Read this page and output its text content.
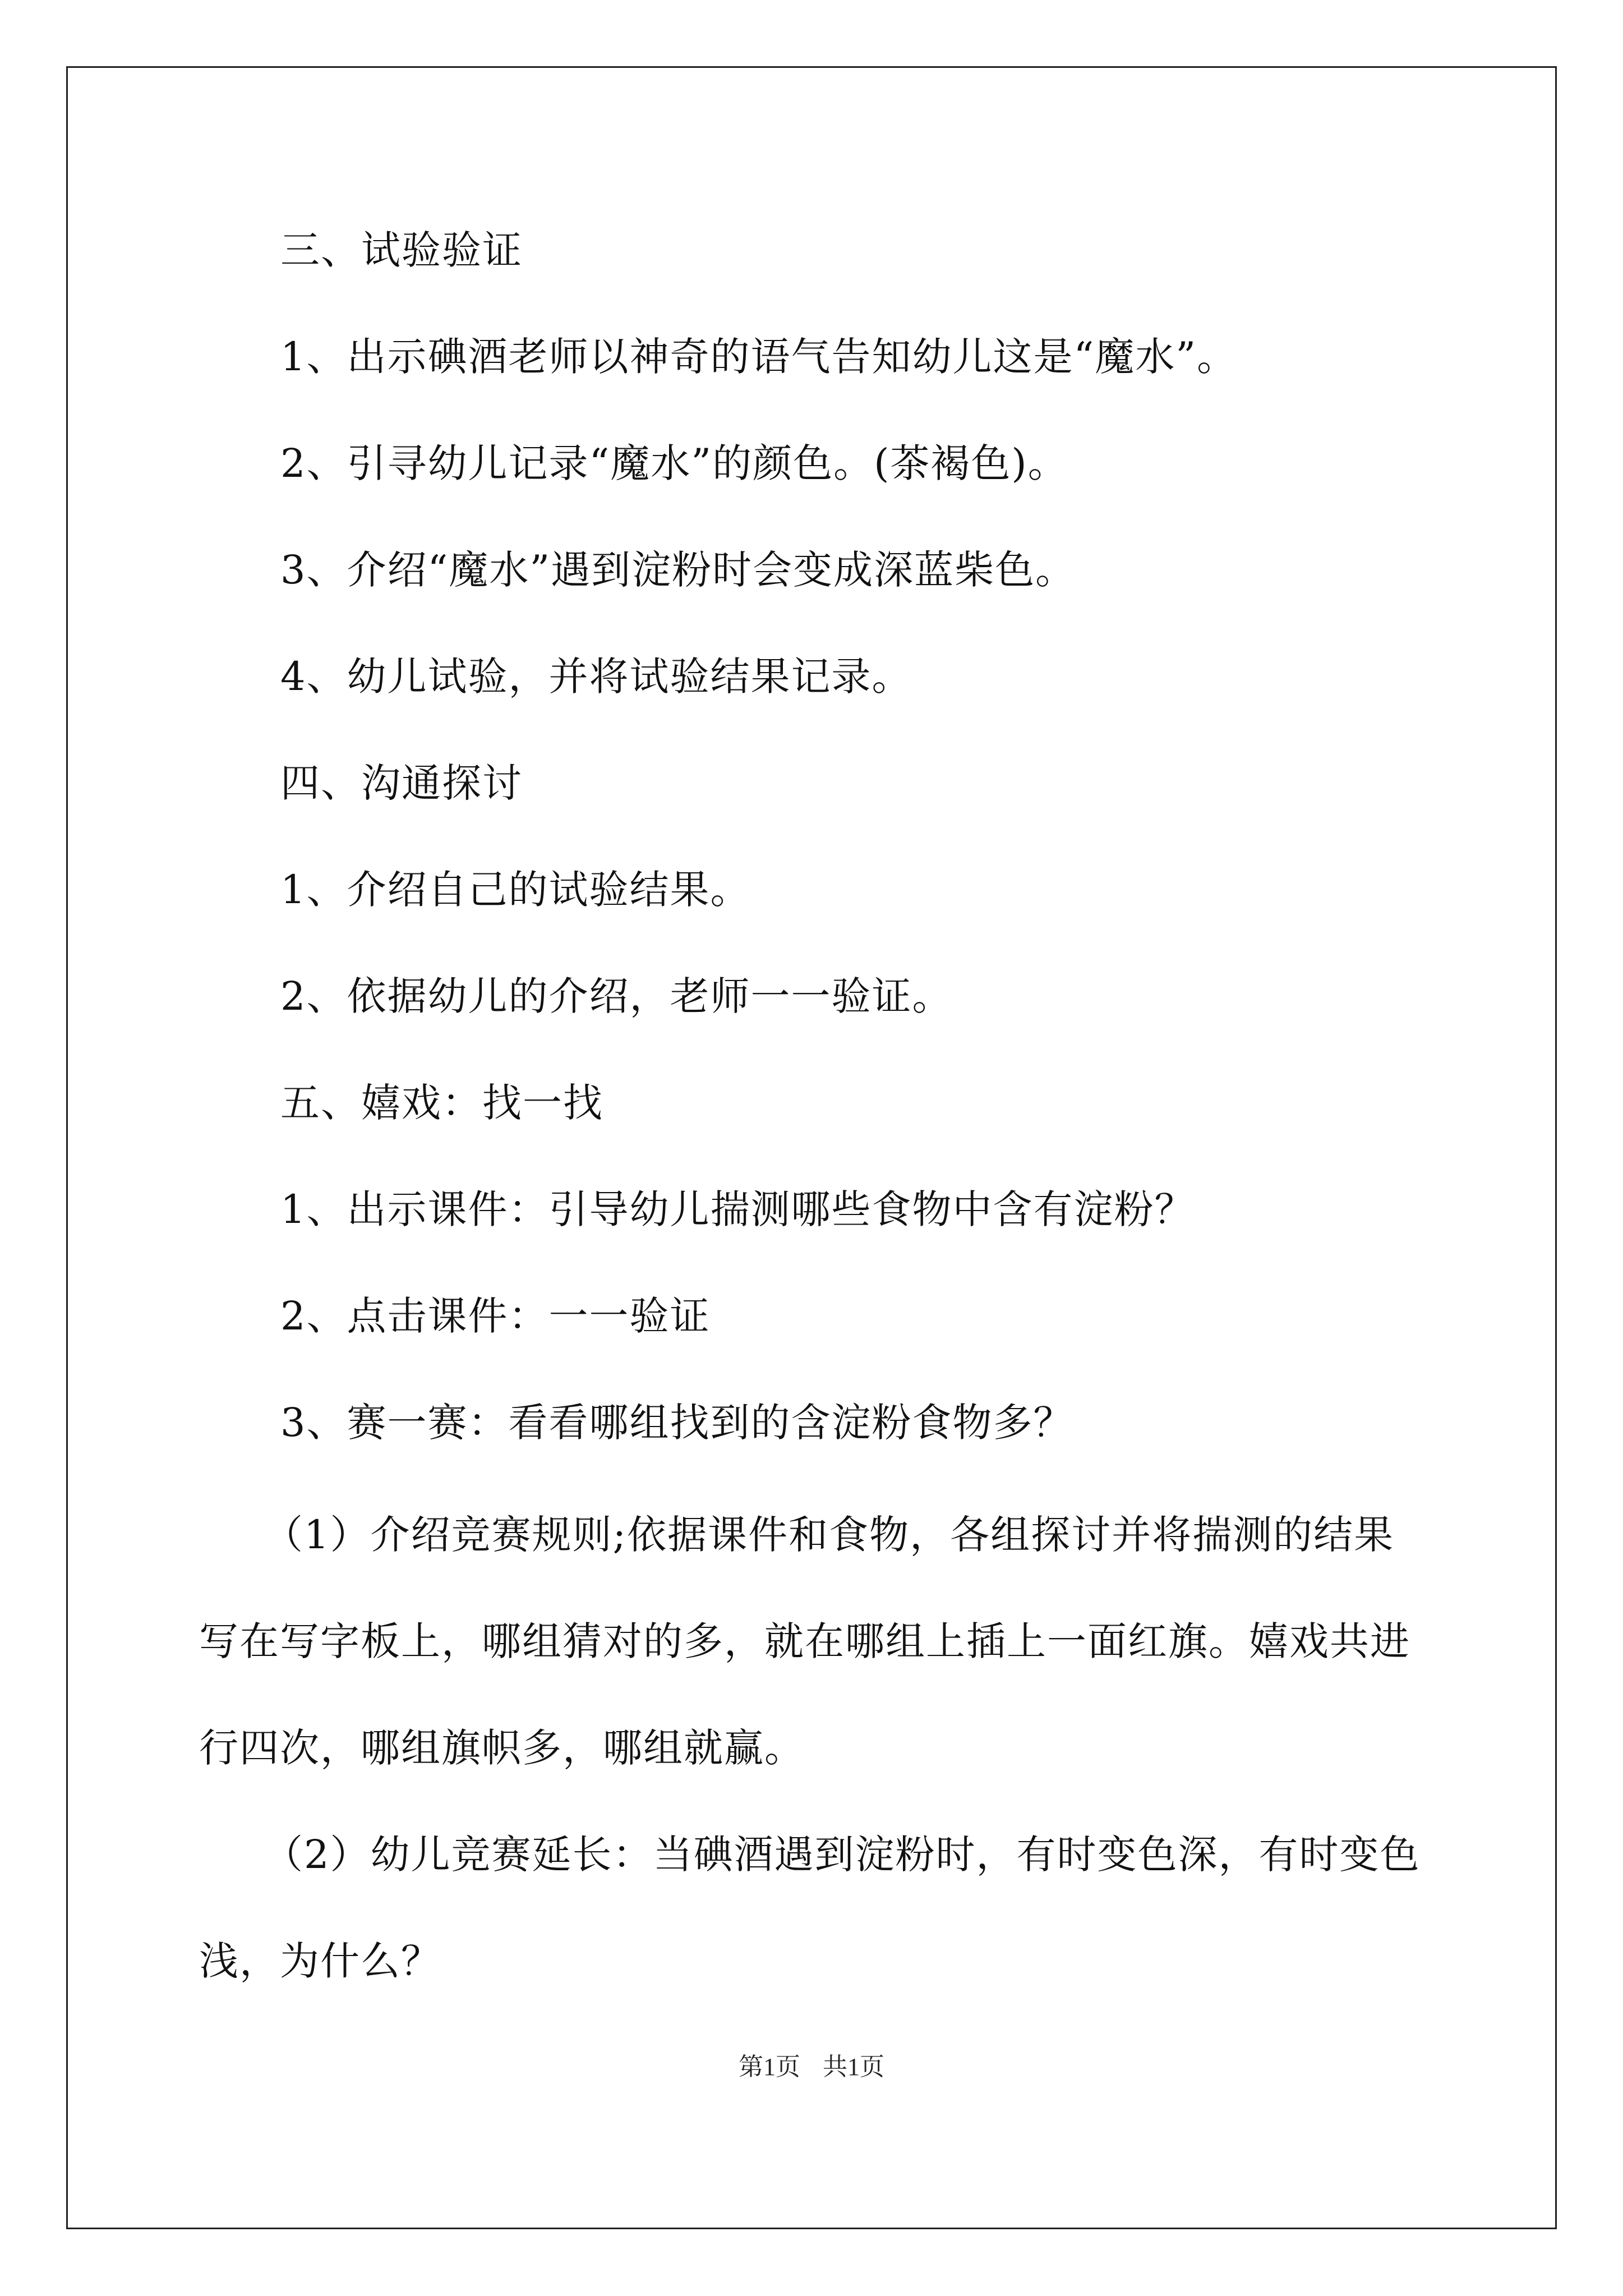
三、试验验证
1、出示碘酒老师以神奇的语气告知幼儿这是“魔水”。
2、引寻幼儿记录“魔水”的颜色。(茶褐色)。
3、介绍“魔水”遇到淀粉时会变成深蓝柴色。
4、幼儿试验，并将试验结果记录。
四、沟通探讨
1、介绍自己的试验结果。
2、依据幼儿的介绍，老师一一验证。
五、嬉戏：找一找
1、出示课件：引导幼儿揣测哪些食物中含有淀粉？
2、点击课件：一一验证
3、赛一赛：看看哪组找到的含淀粉食物多？
（1）介绍竞赛规则;依据课件和食物，各组探讨并将揣测的结果
写在写字板上，哪组猜对的多，就在哪组上插上一面红旗。嬉戏共进
行四次，哪组旗帜多，哪组就赢。
（2）幼儿竞赛延长：当碘酒遇到淀粉时，有时变色深，有时变色
浅，为什么？
第1页 共1页
